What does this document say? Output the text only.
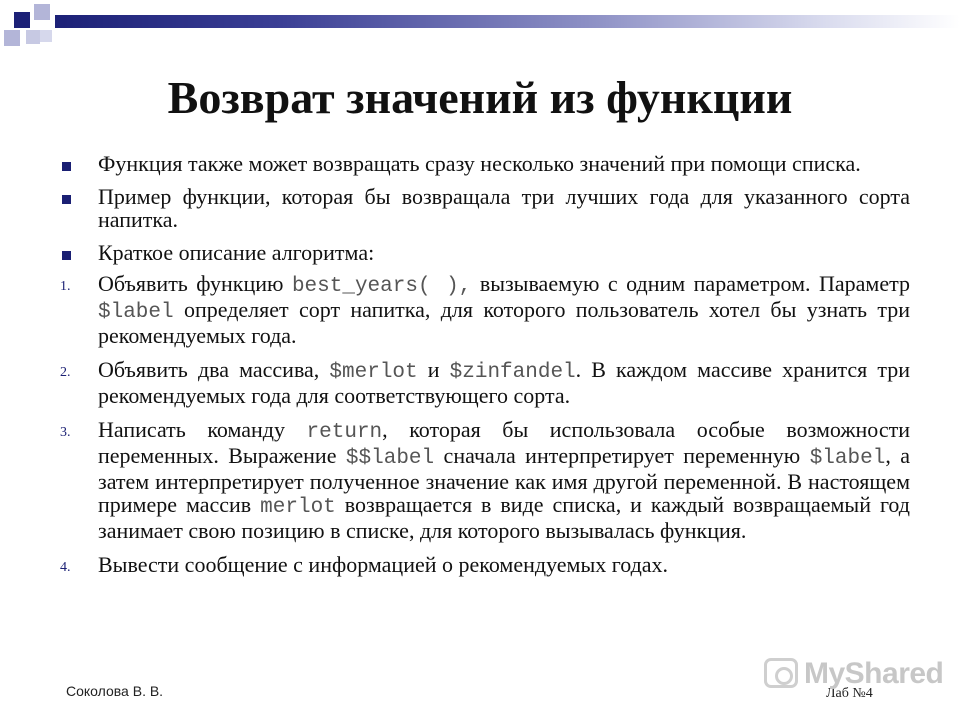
Возврат значений из функции
Функция также может возвращать сразу несколько значений при помощи списка.
Пример функции, которая бы возвращала три лучших года для указанного сорта напитка.
Краткое описание алгоритма:
1. Объявить функцию best_years( ), вызываемую с одним параметром. Параметр $label определяет сорт напитка, для которого пользователь хотел бы узнать три рекомендуемых года.
2. Объявить два массива, $merlot и $zinfandel. В каждом массиве хранится три рекомендуемых года для соответствующего сорта.
3. Написать команду return, которая бы использовала особые возможности переменных. Выражение $$label сначала интерпретирует переменную $label, а затем интерпретирует полученное значение как имя другой переменной. В настоящем примере массив merlot возвращается в виде списка, и каждый возвращаемый год занимает свою позицию в списке, для которого вызывалась функция.
4. Вывести сообщение с информацией о рекомендуемых годах.
Соколова В. В.	Лаб №4
MyShared
